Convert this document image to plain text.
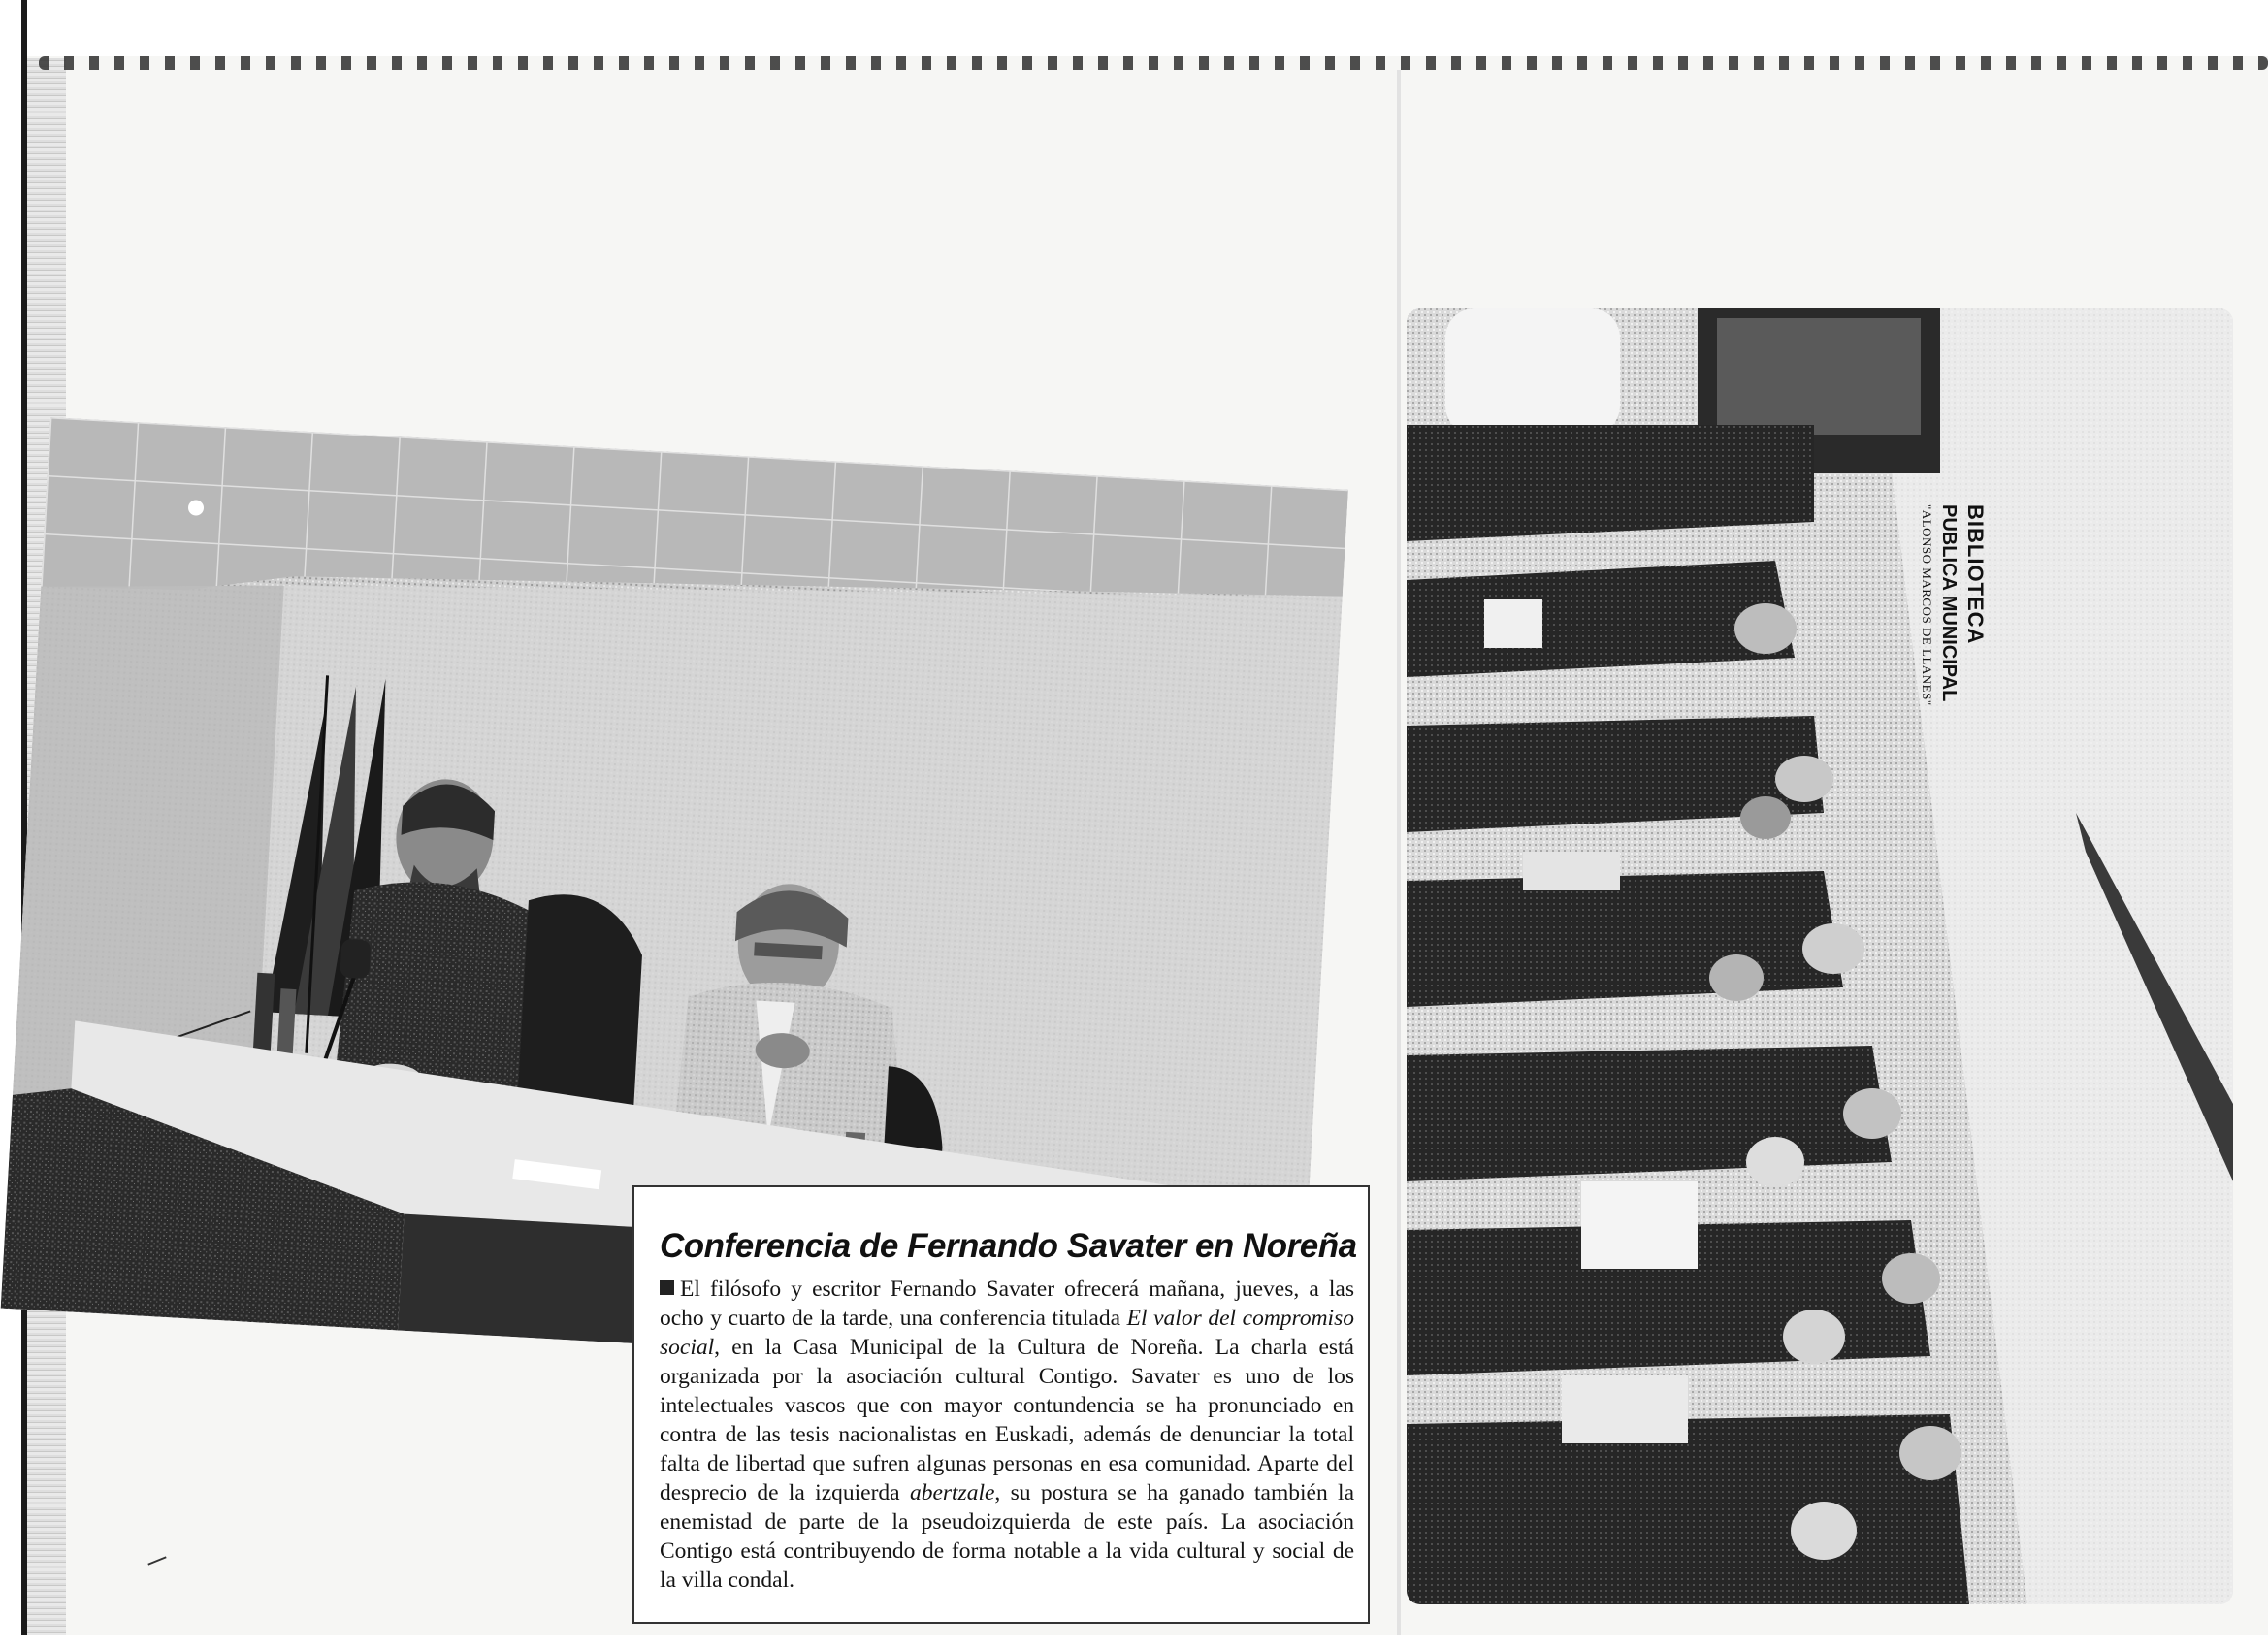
BIBLIOTECA
PUBLICA MUNICIPAL
"ALONSO MARCOS DE LLANES"
Conferencia de Fernando Savater en Noreña

El filósofo y escritor Fernando Savater ofrecerá mañana, jueves, a las ocho y cuarto de la tarde, una conferencia titulada El valor del compromiso social, en la Casa Municipal de la Cultura de Noreña. La charla está organizada por la asociación cultural Contigo. Savater es uno de los intelectuales vascos que con mayor contundencia se ha pronunciado en contra de las tesis nacionalistas en Euskadi, además de denunciar la total falta de libertad que sufren algunas personas en esa comunidad. Aparte del desprecio de la izquierda abertzale, su postura se ha ganado también la enemistad de parte de la pseudoizquierda de este país. La asociación Contigo está contribuyendo de forma notable a la vida cultural y social de la villa condal.
